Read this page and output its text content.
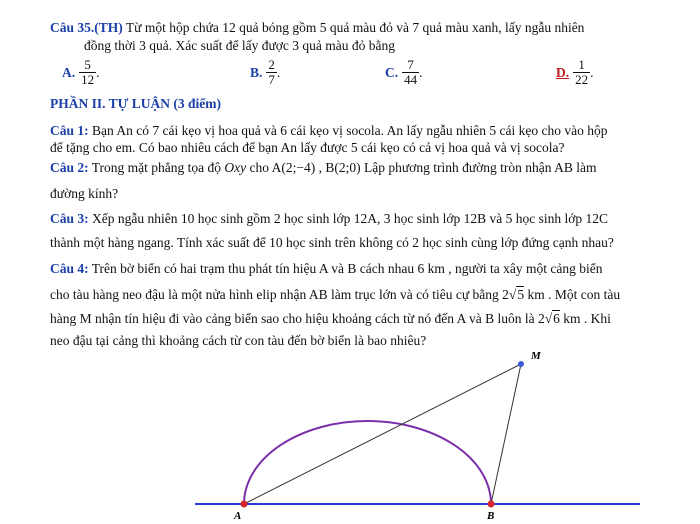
Câu 35.(TH) Từ một hộp chứa 12 quả bóng gồm 5 quả màu đỏ và 7 quả màu xanh, lấy ngẫu nhiên
đồng thời 3 quả. Xác suất để lấy được 3 quả màu đỏ bằng
A. $\frac{5}{12}$ .	B. $\frac{2}{7}$ .	C. $\frac{7}{44}$ .	D. $\frac{1}{22}$ .
PHẦN II. TỰ LUẬN (3 điểm)
Câu 1: Bạn An có 7 cái kẹo vị hoa quả và 6 cái kẹo vị socola. An lấy ngẫu nhiên 5 cái kẹo cho vào hộp
để tặng cho em. Có bao nhiêu cách để bạn An lấy được 5 cái kẹo có cả vị hoa quả và vị socola?
Câu 2: Trong mặt phẳng tọa độ Oxy cho A(2;−4) , B(2;0) Lập phương trình đường tròn nhận AB làm
đường kính?
Câu 3: Xếp ngẫu nhiên 10 học sinh gồm 2 học sinh lớp 12A, 3 học sinh lớp 12B và 5 học sinh lớp 12C
thành một hàng ngang. Tính xác suất để 10 học sinh trên không có 2 học sinh cùng lớp đứng cạnh nhau?
Câu 4: Trên bờ biển có hai trạm thu phát tín hiệu A và B cách nhau 6 km , người ta xây một cảng biển
cho tàu hàng neo đậu là một nửa hình elip nhận AB làm trục lớn và có tiêu cự bằng 2√5 km . Một con tàu
hàng M nhận tín hiệu đi vào cảng biển sao cho hiệu khoảng cách từ nó đến A và B luôn là 2√6 km . Khi
neo đậu tại cảng thì khoảng cách từ con tàu đến bờ biển là bao nhiêu?
A	B
M
